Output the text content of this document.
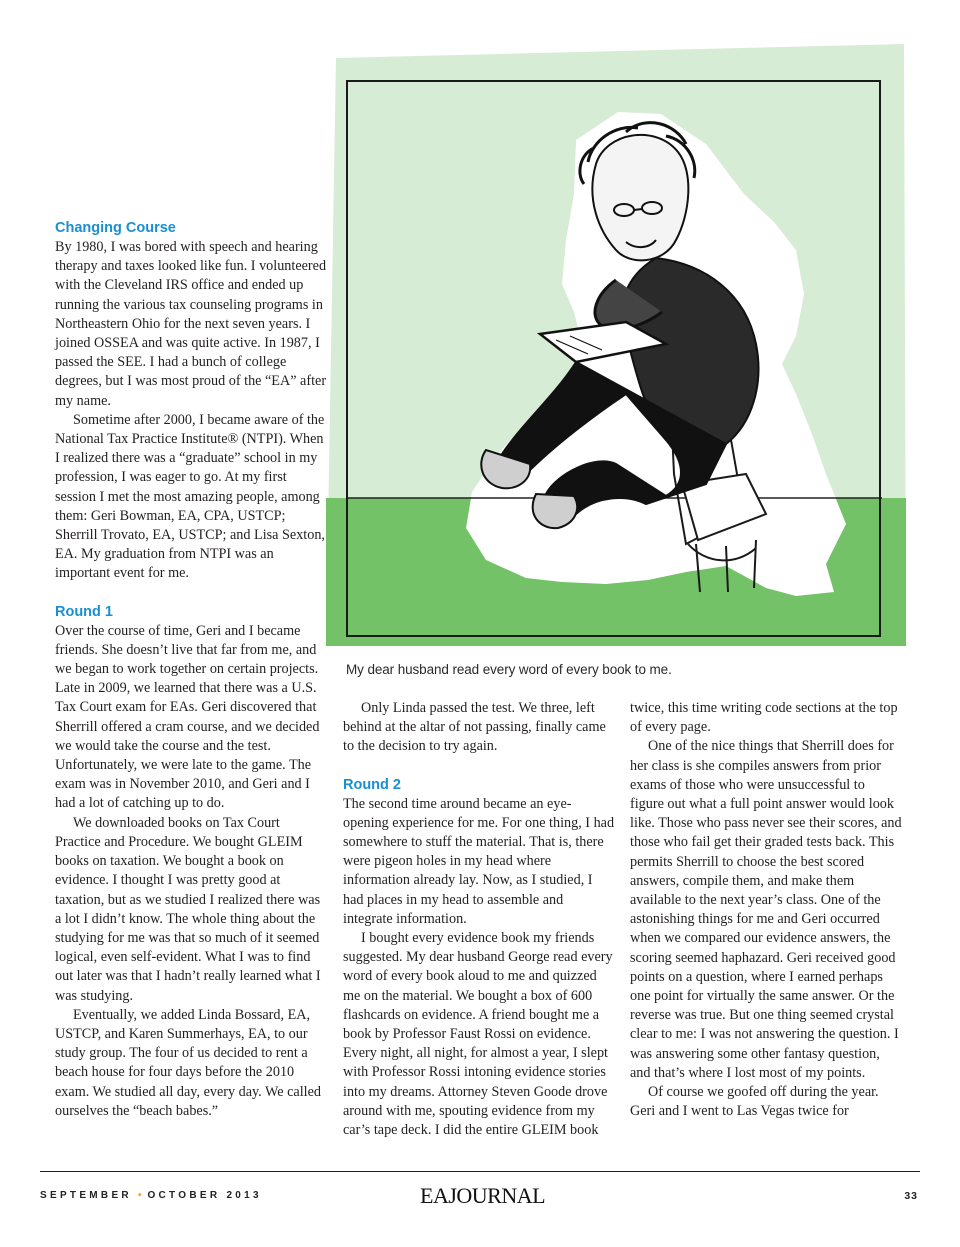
My dear husband read every word of every book to me.
Changing Course

By 1980, I was bored with speech and hearing therapy and taxes looked like fun. I volunteered with the Cleveland IRS office and ended up running the various tax counseling programs in Northeastern Ohio for the next seven years. I joined OSSEA and was quite active. In 1987, I passed the SEE. I had a bunch of college degrees, but I was most proud of the “EA” after my name.

Sometime after 2000, I became aware of the National Tax Practice Institute® (NTPI). When I realized there was a “graduate” school in my profession, I was eager to go. At my first session I met the most amazing people, among them: Geri Bowman, EA, CPA, USTCP; Sherrill Trovato, EA, USTCP; and Lisa Sexton, EA. My graduation from NTPI was an important event for me.

Round 1

Over the course of time, Geri and I became friends. She doesn’t live that far from me, and we began to work together on certain projects. Late in 2009, we learned that there was a U.S. Tax Court exam for EAs. Geri discovered that Sherrill offered a cram course, and we decided we would take the course and the test. Unfortunately, we were late to the game. The exam was in November 2010, and Geri and I had a lot of catching up to do.

We downloaded books on Tax Court Practice and Procedure. We bought GLEIM books on taxation. We bought a book on evidence. I thought I was pretty good at taxation, but as we studied I realized there was a lot I didn’t know. The whole thing about the studying for me was that so much of it seemed logical, even self-evident. What I was to find out later was that I hadn’t really learned what I was studying.

Eventually, we added Linda Bossard, EA, USTCP, and Karen Summerhays, EA, to our study group. The four of us decided to rent a beach house for four days before the 2010 exam. We studied all day, every day. We called ourselves the “beach babes.”

Only Linda passed the test. We three, left behind at the altar of not passing, finally came to the decision to try again.

Round 2

The second time around became an eye-opening experience for me. For one thing, I had somewhere to stuff the material. That is, there were pigeon holes in my head where information already lay. Now, as I studied, I had places in my head to assemble and integrate information.

I bought every evidence book my friends suggested. My dear husband George read every word of every book aloud to me and quizzed me on the material. We bought a box of 600 flashcards on evidence. A friend bought me a book by Professor Faust Rossi on evidence. Every night, all night, for almost a year, I slept with Professor Rossi intoning evidence stories into my dreams. Attorney Steven Goode drove around with me, spouting evidence from my car’s tape deck. I did the entire GLEIM book

twice, this time writing code sections at the top of every page.

One of the nice things that Sherrill does for her class is she compiles answers from prior exams of those who were unsuccessful to figure out what a full point answer would look like. Those who pass never see their scores, and those who fail get their graded tests back. This permits Sherrill to choose the best scored answers, compile them, and make them available to the next year’s class. One of the astonishing things for me and Geri occurred when we compared our evidence answers, the scoring seemed haphazard. Geri received good points on a question, where I earned perhaps one point for virtually the same answer. Or the reverse was true. But one thing seemed crystal clear to me: I was not answering the question. I was answering some other fantasy question, and that’s where I lost most of my points.

Of course we goofed off during the year. Geri and I went to Las Vegas twice for

SEPTEMBER • OCTOBER 2013	EAJOURNAL	33
